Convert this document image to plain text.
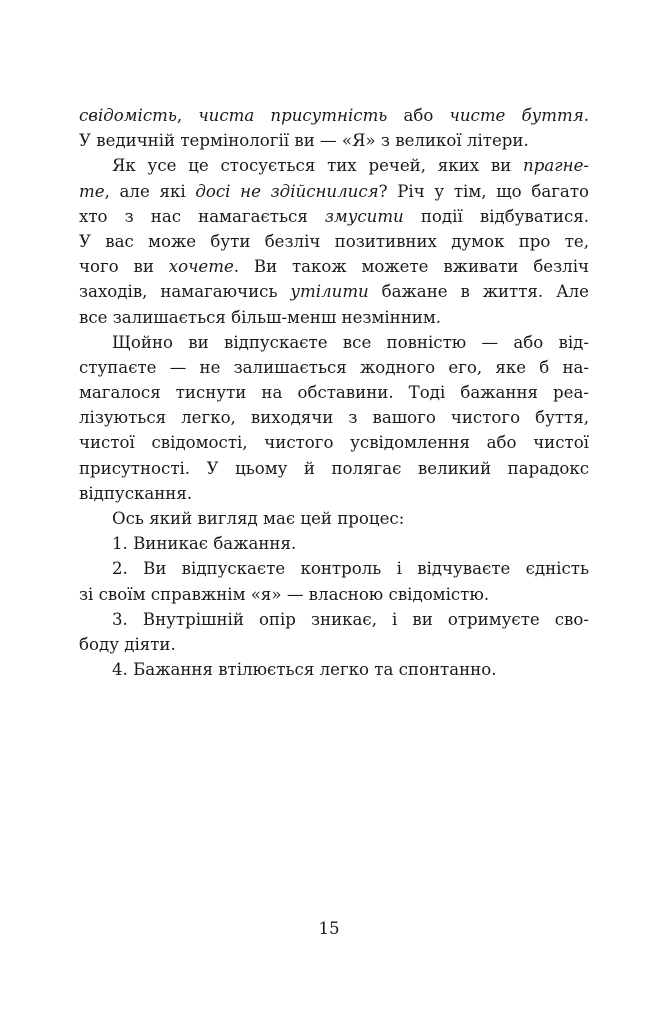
свідомість, чиста присутність або чисте буття.
У ведичній термінології ви — «Я» з великої літери.
Як усе це стосується тих речей, яких ви прагне-
те, але які досі не здійснилися? Річ у тім, що багато
хто з нас намагається змусити події відбуватися.
У вас може бути безліч позитивних думок про те,
чого ви хочете. Ви також можете вживати безліч
заходів, намагаючись утілити бажане в життя. Але
все залишається більш-менш незмінним.
Щойно ви відпускаєте все повністю — або від-
ступаєте — не залишається жодного его, яке б на-
магалося тиснути на обставини. Тоді бажання реа-
лізуються легко, виходячи з вашого чистого буття,
чистої свідомості, чистого усвідомлення або чистої
присутності. У цьому й полягає великий парадокс
відпускання.
Ось який вигляд має цей процес:
1. Виникає бажання.
2. Ви відпускаєте контроль і відчуваєте єдність
зі своїм справжнім «я» — власною свідомістю.
3. Внутрішній опір зникає, і ви отримуєте сво-
боду діяти.
4. Бажання втілюється легко та спонтанно.
15
